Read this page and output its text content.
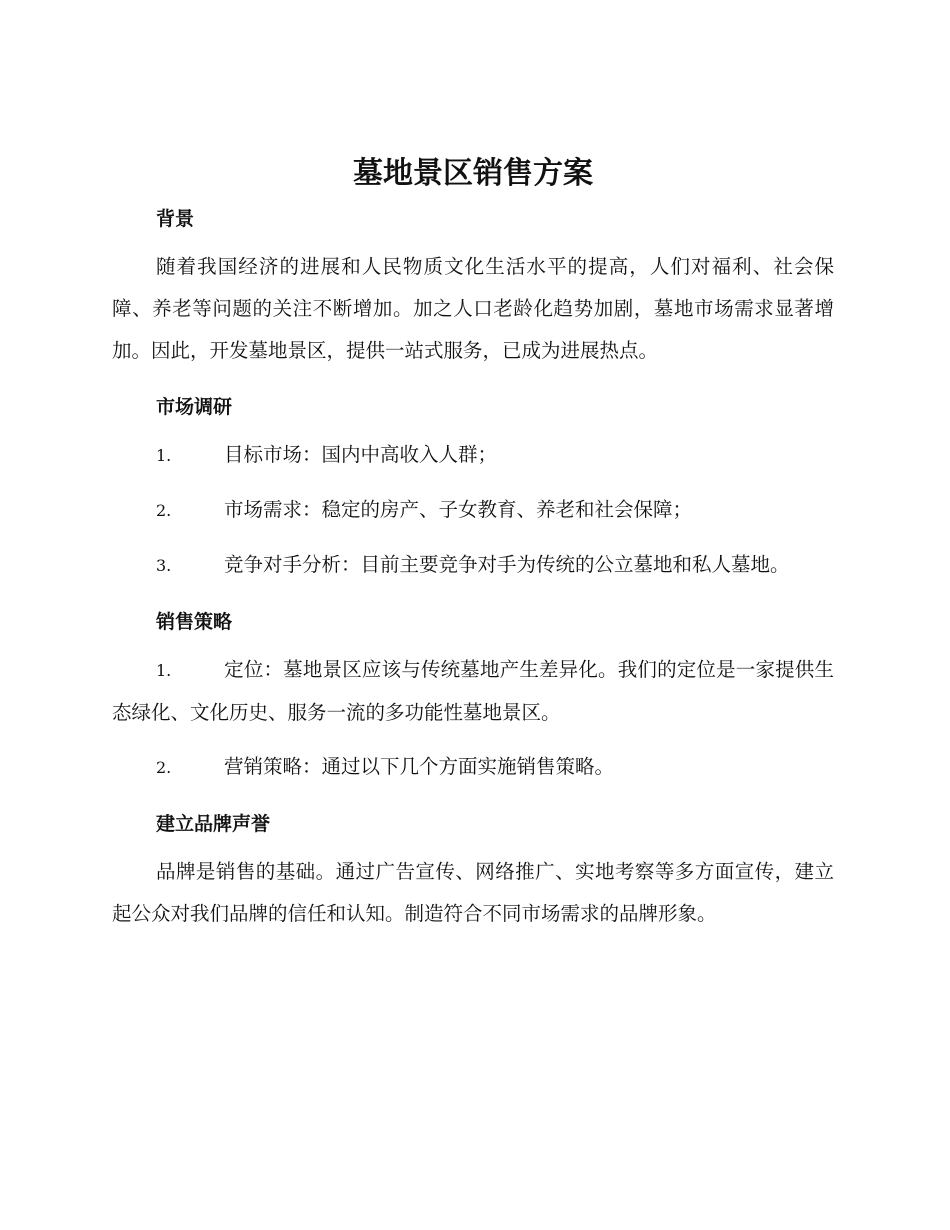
墓地景区销售方案
背景

随着我国经济的进展和人民物质文化生活水平的提高，人们对福利、社会保障、养老等问题的关注不断增加。加之人口老龄化趋势加剧，墓地市场需求显著增加。因此，开发墓地景区，提供一站式服务，已成为进展热点。

市场调研

1.	目标市场：国内中高收入人群；

2.	市场需求：稳定的房产、子女教育、养老和社会保障；

3.	竞争对手分析：目前主要竞争对手为传统的公立墓地和私人墓地。

销售策略

1.	定位：墓地景区应该与传统墓地产生差异化。我们的定位是一家提供生态绿化、文化历史、服务一流的多功能性墓地景区。

2.	营销策略：通过以下几个方面实施销售策略。

建立品牌声誉

品牌是销售的基础。通过广告宣传、网络推广、实地考察等多方面宣传，建立起公众对我们品牌的信任和认知。制造符合不同市场需求的品牌形象。
